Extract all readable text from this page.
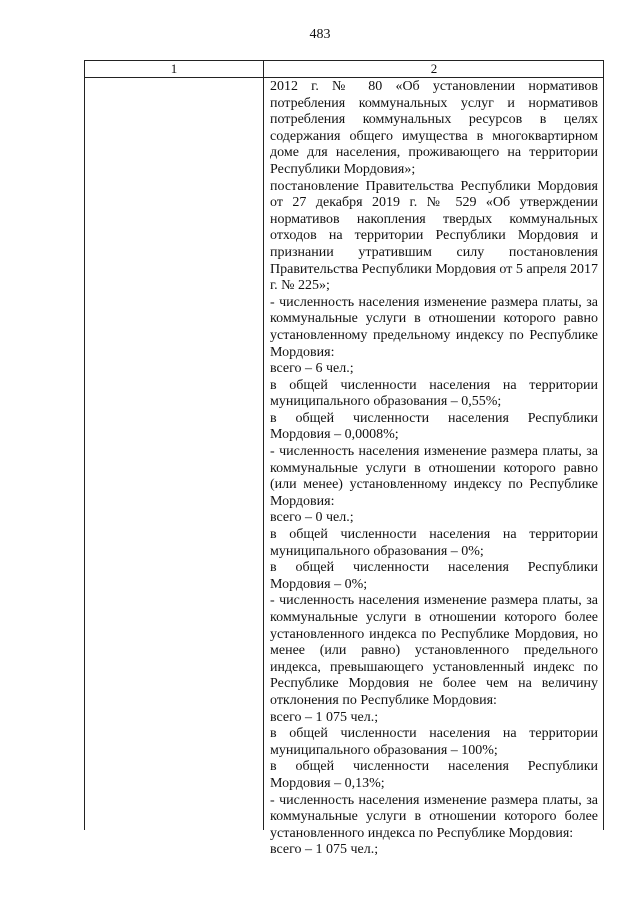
483
1	2

2012 г. № 80 «Об установлении нормативов потребления коммунальных услуг и нормативов потребления коммунальных ресурсов в целях содержания общего имущества в многоквартирном доме для населения, проживающего на территории Республики Мордовия»;

постановление Правительства Республики Мордовия от 27 декабря 2019 г. № 529 «Об утверждении нормативов накопления твердых коммунальных отходов на территории Республики Мордовия и признании утратившим силу постановления Правительства Республики Мордовия от 5 апреля 2017 г. № 225»;

- численность населения изменение размера платы, за коммунальные услуги в отношении которого равно установленному предельному индексу по Республике Мордовия:

всего – 6 чел.;

в общей численности населения на территории муниципального образования – 0,55%;

в общей численности населения Республики Мордовия – 0,0008%;

- численность населения изменение размера платы, за коммунальные услуги в отношении которого равно (или менее) установленному индексу по Республике Мордовия:

всего – 0 чел.;

в общей численности населения на территории муниципального образования – 0%;

в общей численности населения Республики Мордовия – 0%;

- численность населения изменение размера платы, за коммунальные услуги в отношении которого более установленного индекса по Республике Мордовия, но менее (или равно) установленного предельного индекса, превышающего установленный индекс по Республике Мордовия не более чем на величину отклонения по Республике Мордовия:

всего – 1 075 чел.;

в общей численности населения на территории муниципального образования – 100%;

в общей численности населения Республики Мордовия – 0,13%;

- численность населения изменение размера платы, за коммунальные услуги в отношении которого более установленного индекса по Республике Мордовия:

всего – 1 075 чел.;
